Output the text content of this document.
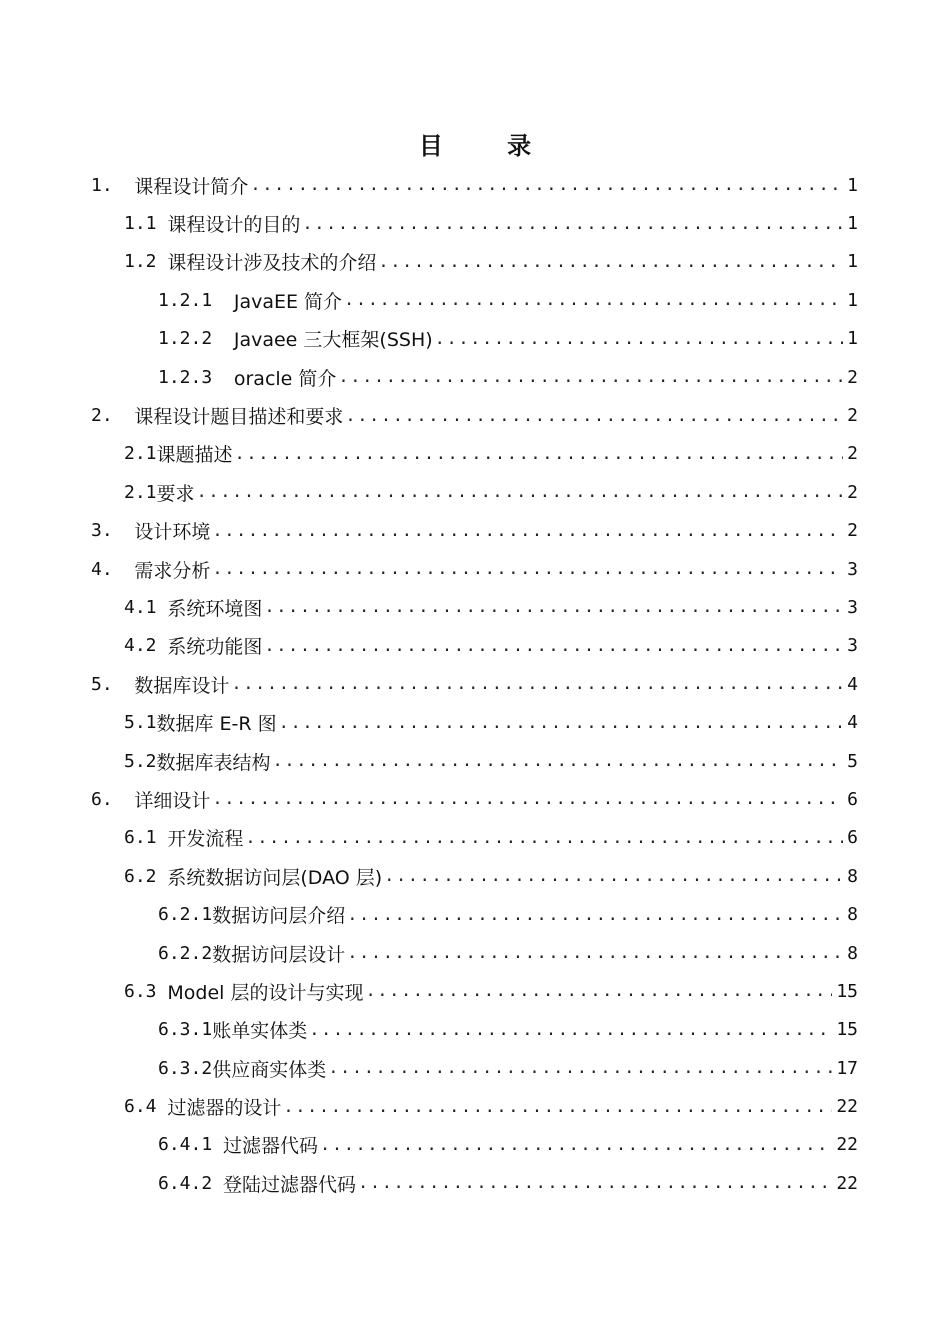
目 录
1. 课程设计简介 .....	1
1.1 课程设计的目的 .....	1
1.2 课程设计涉及技术的介绍 .....	1
1.2.1 JavaEE 简介 .....	1
1.2.2 Javaee 三大框架(SSH) .....	1
1.2.3 oracle 简介 .....	2
2. 课程设计题目描述和要求 .....	2
2.1 课题描述 .....	2
2.1 要求 .....	2
3. 设计环境 .....	2
4. 需求分析 .....	3
4.1 系统环境图 .....	3
4.2 系统功能图 .....	3
5. 数据库设计 .....	4
5.1 数据库 E-R 图 .....	4
5.2 数据库表结构 .....	5
6. 详细设计 .....	6
6.1 开发流程 .....	6
6.2 系统数据访问层(DAO 层) .....	8
6.2.1 数据访问层介绍 .....	8
6.2.2 数据访问层设计 .....	8
6.3 Model 层的设计与实现 .....	15
6.3.1 账单实体类 .....	15
6.3.2 供应商实体类 .....	17
6.4 过滤器的设计 .....	22
6.4.1 过滤器代码 .....	22
6.4.2 登陆过滤器代码 .....	22
